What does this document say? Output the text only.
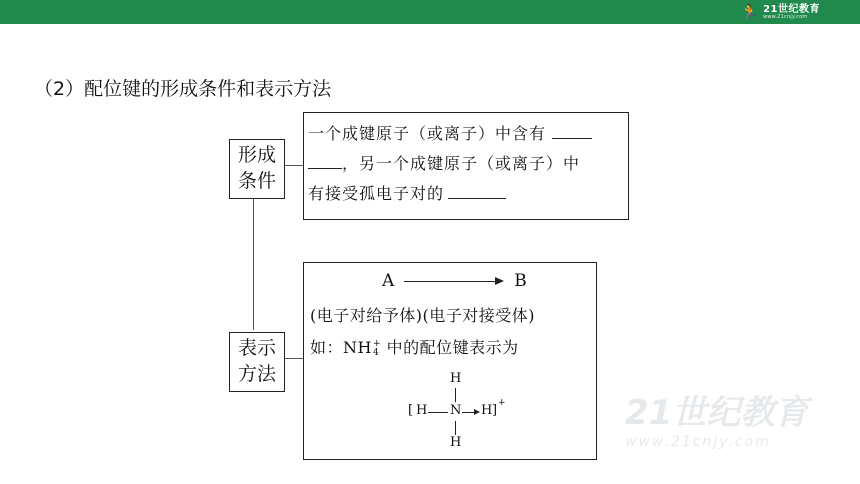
🏃 21世纪教育
www.21cnjy.com
（2）配位键的形成条件和表示方法
形成
条件
一个成键原子（或离子）中含有
，另一个成键原子（或离子）中
有接受孤电子对的
表示
方法
A	B
(电子对给予体)(电子对接受体)
如：NH +
4 中的配位键表示为
H
[ H N H ] +
H
21世纪教育
www.21cnjy.com
